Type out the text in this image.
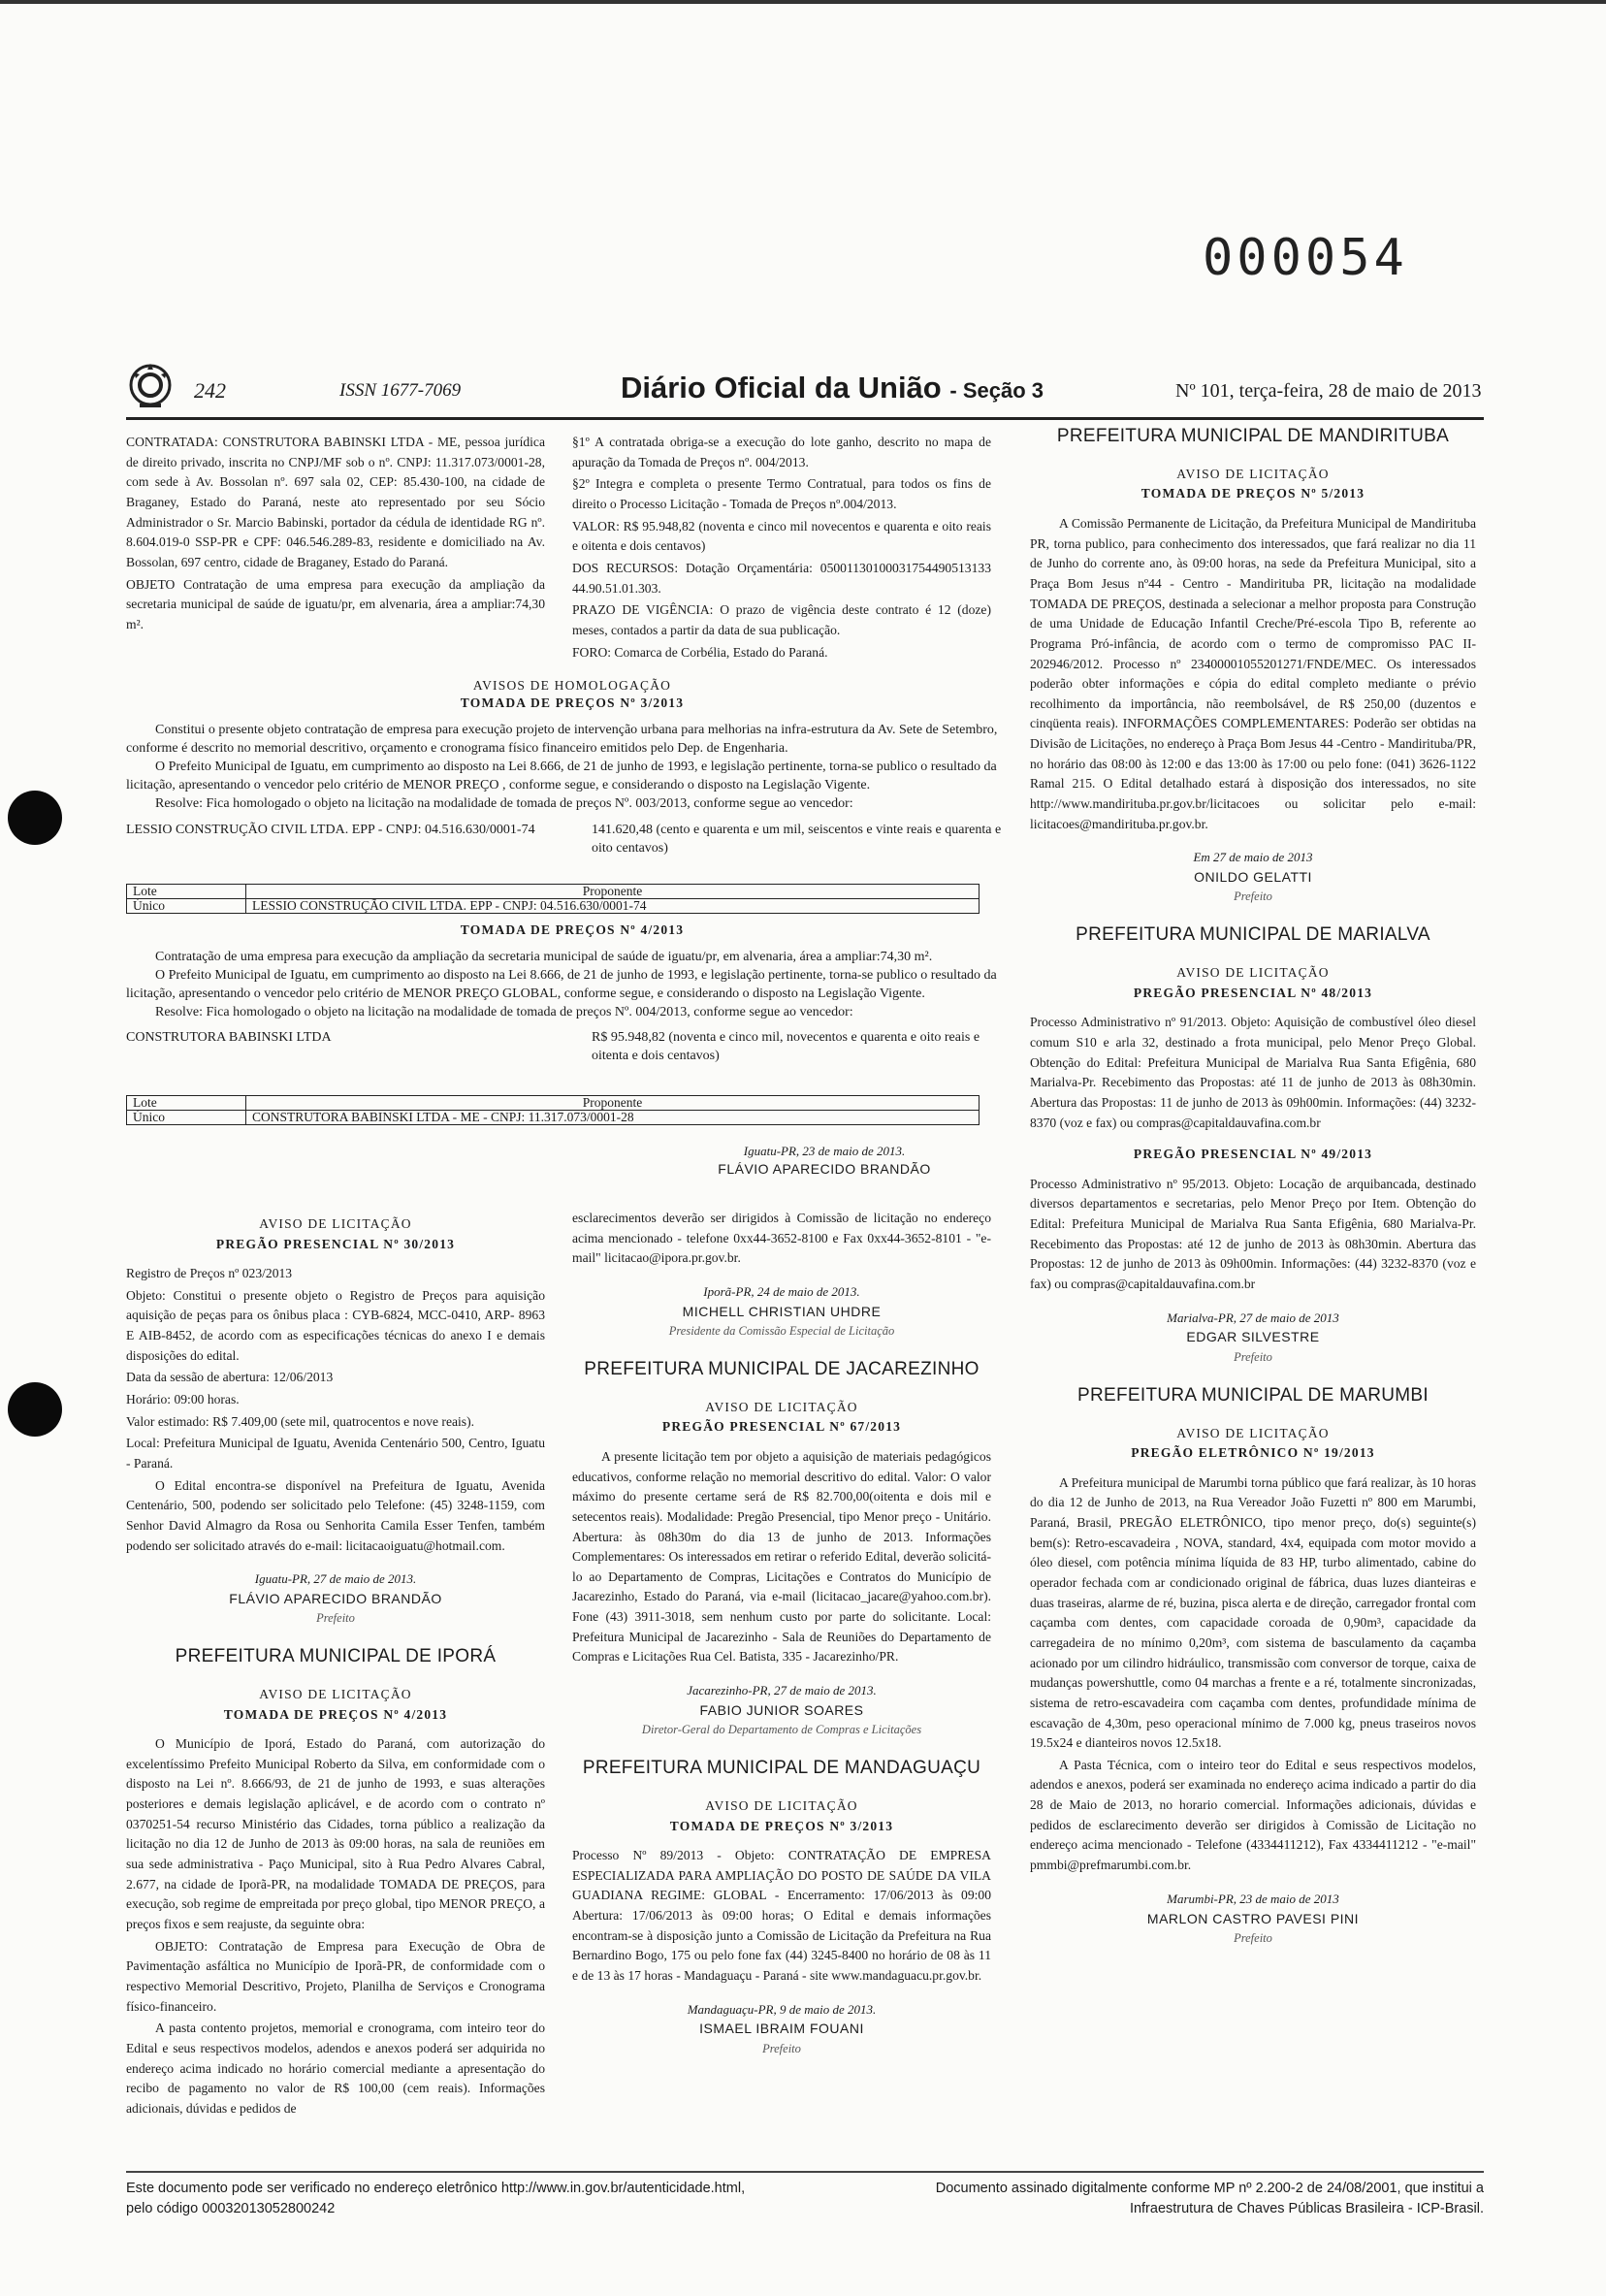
000054
242	ISSN 1677-7069	Diário Oficial da União - Seção 3	Nº 101, terça-feira, 28 de maio de 2013

CONTRATADA: CONSTRUTORA BABINSKI LTDA - ME, pessoa jurídica de direito privado, inscrita no CNPJ/MF sob o nº. CNPJ: 11.317.073/0001-28, com sede à Av. Bossolan nº. 697 sala 02, CEP: 85.430-100, na cidade de Braganey, Estado do Paraná, neste ato representado por seu Sócio Administrador o Sr. Marcio Babinski, portador da cédula de identidade RG nº. 8.604.019-0 SSP-PR e CPF: 046.546.289-83, residente e domiciliado na Av. Bossolan, 697 centro, cidade de Braganey, Estado do Paraná.

OBJETO Contratação de uma empresa para execução da ampliação da secretaria municipal de saúde de iguatu/pr, em alvenaria, área a ampliar:74,30 m².

§1º A contratada obriga-se a execução do lote ganho, descrito no mapa de apuração da Tomada de Preços nº. 004/2013.

§2º Integra e completa o presente Termo Contratual, para todos os fins de direito o Processo Licitação - Tomada de Preços nº.004/2013.

VALOR: R$ 95.948,82 (noventa e cinco mil novecentos e quarenta e oito reais e oitenta e dois centavos)

DOS RECURSOS: Dotação Orçamentária: 05001130100031754490513133 44.90.51.01.303.

PRAZO DE VIGÊNCIA: O prazo de vigência deste contrato é 12 (doze) meses, contados a partir da data de sua publicação.

FORO: Comarca de Corbélia, Estado do Paraná.

AVISOS DE HOMOLOGAÇÃO
TOMADA DE PREÇOS Nº 3/2013

Constitui o presente objeto contratação de empresa para execução projeto de intervenção urbana para melhorias na infra-estrutura da Av. Sete de Setembro, conforme é descrito no memorial descritivo, orçamento e cronograma físico financeiro emitidos pelo Dep. de Engenharia.

O Prefeito Municipal de Iguatu, em cumprimento ao disposto na Lei 8.666, de 21 de junho de 1993, e legislação pertinente, torna-se publico o resultado da licitação, apresentando o vencedor pelo critério de MENOR PREÇO , conforme segue, e considerando o disposto na Legislação Vigente.

Resolve: Fica homologado o objeto na licitação na modalidade de tomada de preços Nº. 003/2013, conforme segue ao vencedor:

LESSIO CONSTRUÇÃO CIVIL LTDA. EPP - CNPJ: 04.516.630/0001-74	141.620,48 (cento e quarenta e um mil, seiscentos e vinte reais e quarenta e oito centavos)
Lote	Proponente
Único	LESSIO CONSTRUÇÃO CIVIL LTDA. EPP - CNPJ: 04.516.630/0001-74
TOMADA DE PREÇOS Nº 4/2013

Contratação de uma empresa para execução da ampliação da secretaria municipal de saúde de iguatu/pr, em alvenaria, área a ampliar:74,30 m².

O Prefeito Municipal de Iguatu, em cumprimento ao disposto na Lei 8.666, de 21 de junho de 1993, e legislação pertinente, torna-se publico o resultado da licitação, apresentando o vencedor pelo critério de MENOR PREÇO GLOBAL, conforme segue, e considerando o disposto na Legislação Vigente.

Resolve: Fica homologado o objeto na licitação na modalidade de tomada de preços Nº. 004/2013, conforme segue ao vencedor:

CONSTRUTORA BABINSKI LTDA	R$ 95.948,82 (noventa e cinco mil, novecentos e quarenta e oito reais e oitenta e dois centavos)
Lote	Proponente
Único	CONSTRUTORA BABINSKI LTDA - ME - CNPJ: 11.317.073/0001-28
Iguatu-PR, 23 de maio de 2013.
FLÁVIO APARECIDO BRANDÃO
AVISO DE LICITAÇÃO
PREGÃO PRESENCIAL Nº 30/2013

Registro de Preços nº 023/2013

Objeto: Constitui o presente objeto o Registro de Preços para aquisição aquisição de peças para os ônibus placa : CYB-6824, MCC-0410, ARP- 8963 E AIB-8452, de acordo com as especificações técnicas do anexo I e demais disposições do edital.

Data da sessão de abertura: 12/06/2013

Horário: 09:00 horas.

Valor estimado: R$ 7.409,00 (sete mil, quatrocentos e nove reais).

Local: Prefeitura Municipal de Iguatu, Avenida Centenário 500, Centro, Iguatu - Paraná.

O Edital encontra-se disponível na Prefeitura de Iguatu, Avenida Centenário, 500, podendo ser solicitado pelo Telefone: (45) 3248-1159, com Senhor David Almagro da Rosa ou Senhorita Camila Esser Tenfen, também podendo ser solicitado através do e-mail: licitacaoiguatu@hotmail.com.

Iguatu-PR, 27 de maio de 2013.
FLÁVIO APARECIDO BRANDÃO
Prefeito
PREFEITURA MUNICIPAL DE IPORÁ
AVISO DE LICITAÇÃO
TOMADA DE PREÇOS Nº 4/2013

O Município de Iporá, Estado do Paraná, com autorização do excelentíssimo Prefeito Municipal Roberto da Silva, em conformidade com o disposto na Lei nº. 8.666/93, de 21 de junho de 1993, e suas alterações posteriores e demais legislação aplicável, e de acordo com o contrato nº 0370251-54 recurso Ministério das Cidades, torna público a realização da licitação no dia 12 de Junho de 2013 às 09:00 horas, na sala de reuniões em sua sede administrativa - Paço Municipal, sito à Rua Pedro Alvares Cabral, 2.677, na cidade de Iporã-PR, na modalidade TOMADA DE PREÇOS, para execução, sob regime de empreitada por preço global, tipo MENOR PREÇO, a preços fixos e sem reajuste, da seguinte obra:

OBJETO: Contratação de Empresa para Execução de Obra de Pavimentação asfáltica no Município de Iporã-PR, de conformidade com o respectivo Memorial Descritivo, Projeto, Planilha de Serviços e Cronograma físico-financeiro.

A pasta contento projetos, memorial e cronograma, com inteiro teor do Edital e seus respectivos modelos, adendos e anexos poderá ser adquirida no endereço acima indicado no horário comercial mediante a apresentação do recibo de pagamento no valor de R$ 100,00 (cem reais). Informações adicionais, dúvidas e pedidos de

esclarecimentos deverão ser dirigidos à Comissão de licitação no endereço acima mencionado - telefone 0xx44-3652-8100 e Fax 0xx44-3652-8101 - "e-mail" licitacao@ipora.pr.gov.br.

Iporã-PR, 24 de maio de 2013.
MICHELL CHRISTIAN UHDRE
Presidente da Comissão Especial de Licitação
PREFEITURA MUNICIPAL DE JACAREZINHO
AVISO DE LICITAÇÃO
PREGÃO PRESENCIAL Nº 67/2013

A presente licitação tem por objeto a aquisição de materiais pedagógicos educativos, conforme relação no memorial descritivo do edital. Valor: O valor máximo do presente certame será de R$ 82.700,00(oitenta e dois mil e setecentos reais). Modalidade: Pregão Presencial, tipo Menor preço - Unitário. Abertura: às 08h30m do dia 13 de junho de 2013. Informações Complementares: Os interessados em retirar o referido Edital, deverão solicitá-lo ao Departamento de Compras, Licitações e Contratos do Município de Jacarezinho, Estado do Paraná, via e-mail (licitacao_jacare@yahoo.com.br). Fone (43) 3911-3018, sem nenhum custo por parte do solicitante. Local: Prefeitura Municipal de Jacarezinho - Sala de Reuniões do Departamento de Compras e Licitações Rua Cel. Batista, 335 - Jacarezinho/PR.

Jacarezinho-PR, 27 de maio de 2013.
FABIO JUNIOR SOARES
Diretor-Geral do Departamento de Compras e Licitações
PREFEITURA MUNICIPAL DE MANDAGUAÇU
AVISO DE LICITAÇÃO
TOMADA DE PREÇOS Nº 3/2013

Processo Nº 89/2013 - Objeto: CONTRATAÇÃO DE EMPRESA ESPECIALIZADA PARA AMPLIAÇÃO DO POSTO DE SAÚDE DA VILA GUADIANA REGIME: GLOBAL - Encerramento: 17/06/2013 às 09:00 Abertura: 17/06/2013 às 09:00 horas; O Edital e demais informações encontram-se à disposição junto a Comissão de Licitação da Prefeitura na Rua Bernardino Bogo, 175 ou pelo fone fax (44) 3245-8400 no horário de 08 às 11 e de 13 às 17 horas - Mandaguaçu - Paraná - site www.mandaguacu.pr.gov.br.

Mandaguaçu-PR, 9 de maio de 2013.
ISMAEL IBRAIM FOUANI
Prefeito
PREFEITURA MUNICIPAL DE MANDIRITUBA
AVISO DE LICITAÇÃO
TOMADA DE PREÇOS Nº 5/2013

A Comissão Permanente de Licitação, da Prefeitura Municipal de Mandirituba PR, torna publico, para conhecimento dos interessados, que fará realizar no dia 11 de Junho do corrente ano, às 09:00 horas, na sede da Prefeitura Municipal, sito a Praça Bom Jesus nº44 - Centro - Mandirituba PR, licitação na modalidade TOMADA DE PREÇOS, destinada a selecionar a melhor proposta para Construção de uma Unidade de Educação Infantil Creche/Pré-escola Tipo B, referente ao Programa Pró-infância, de acordo com o termo de compromisso PAC II-202946/2012. Processo nº 23400001055201271/FNDE/MEC. Os interessados poderão obter informações e cópia do edital completo mediante o prévio recolhimento da importância, não reembolsável, de R$ 250,00 (duzentos e cinqüenta reais). INFORMAÇÕES COMPLEMENTARES: Poderão ser obtidas na Divisão de Licitações, no endereço à Praça Bom Jesus 44 -Centro - Mandirituba/PR, no horário das 08:00 às 12:00 e das 13:00 às 17:00 ou pelo fone: (041) 3626-1122 Ramal 215. O Edital detalhado estará à disposição dos interessados, no site http://www.mandirituba.pr.gov.br/licitacoes ou solicitar pelo e-mail: licitacoes@mandirituba.pr.gov.br.

Em 27 de maio de 2013
ONILDO GELATTI
Prefeito
PREFEITURA MUNICIPAL DE MARIALVA
AVISO DE LICITAÇÃO
PREGÃO PRESENCIAL Nº 48/2013

Processo Administrativo nº 91/2013. Objeto: Aquisição de combustível óleo diesel comum S10 e arla 32, destinado a frota municipal, pelo Menor Preço Global. Obtenção do Edital: Prefeitura Municipal de Marialva Rua Santa Efigênia, 680 Marialva-Pr. Recebimento das Propostas: até 11 de junho de 2013 às 08h30min. Abertura das Propostas: 11 de junho de 2013 às 09h00min. Informações: (44) 3232-8370 (voz e fax) ou compras@capitaldauvafina.com.br

PREGÃO PRESENCIAL Nº 49/2013

Processo Administrativo nº 95/2013. Objeto: Locação de arquibancada, destinado diversos departamentos e secretarias, pelo Menor Preço por Item. Obtenção do Edital: Prefeitura Municipal de Marialva Rua Santa Efigênia, 680 Marialva-Pr. Recebimento das Propostas: até 12 de junho de 2013 às 08h30min. Abertura das Propostas: 12 de junho de 2013 às 09h00min. Informações: (44) 3232-8370 (voz e fax) ou compras@capitaldauvafina.com.br

Marialva-PR, 27 de maio de 2013
EDGAR SILVESTRE
Prefeito
PREFEITURA MUNICIPAL DE MARUMBI
AVISO DE LICITAÇÃO
PREGÃO ELETRÔNICO Nº 19/2013

A Prefeitura municipal de Marumbi torna público que fará realizar, às 10 horas do dia 12 de Junho de 2013, na Rua Vereador João Fuzetti nº 800 em Marumbi, Paraná, Brasil, PREGÃO ELETRÔNICO, tipo menor preço, do(s) seguinte(s) bem(s): Retro-escavadeira , NOVA, standard, 4x4, equipada com motor movido a óleo diesel, com potência mínima líquida de 83 HP, turbo alimentado, cabine do operador fechada com ar condicionado original de fábrica, duas luzes dianteiras e duas traseiras, alarme de ré, buzina, pisca alerta e de direção, carregador frontal com caçamba com dentes, com capacidade coroada de 0,90m³, capacidade da carregadeira de no mínimo 0,20m³, com sistema de basculamento da caçamba acionado por um cilindro hidráulico, transmissão com conversor de torque, caixa de mudanças powershuttle, como 04 marchas a frente e a ré, totalmente sincronizadas, sistema de retro-escavadeira com caçamba com dentes, profundidade mínima de escavação de 4,30m, peso operacional mínimo de 7.000 kg, pneus traseiros novos 19.5x24 e dianteiros novos 12.5x18.

A Pasta Técnica, com o inteiro teor do Edital e seus respectivos modelos, adendos e anexos, poderá ser examinada no endereço acima indicado a partir do dia 28 de Maio de 2013, no horario comercial. Informações adicionais, dúvidas e pedidos de esclarecimento deverão ser dirigidos à Comissão de Licitação no endereço acima mencionado - Telefone (4334411212), Fax 4334411212 - "e-mail" pmmbi@prefmarumbi.com.br.

Marumbi-PR, 23 de maio de 2013
MARLON CASTRO PAVESI PINI
Prefeito
Este documento pode ser verificado no endereço eletrônico http://www.in.gov.br/autenticidade.html,
pelo código 00032013052800242
Documento assinado digitalmente conforme MP nº 2.200-2 de 24/08/2001, que institui a
Infraestrutura de Chaves Públicas Brasileira - ICP-Brasil.
